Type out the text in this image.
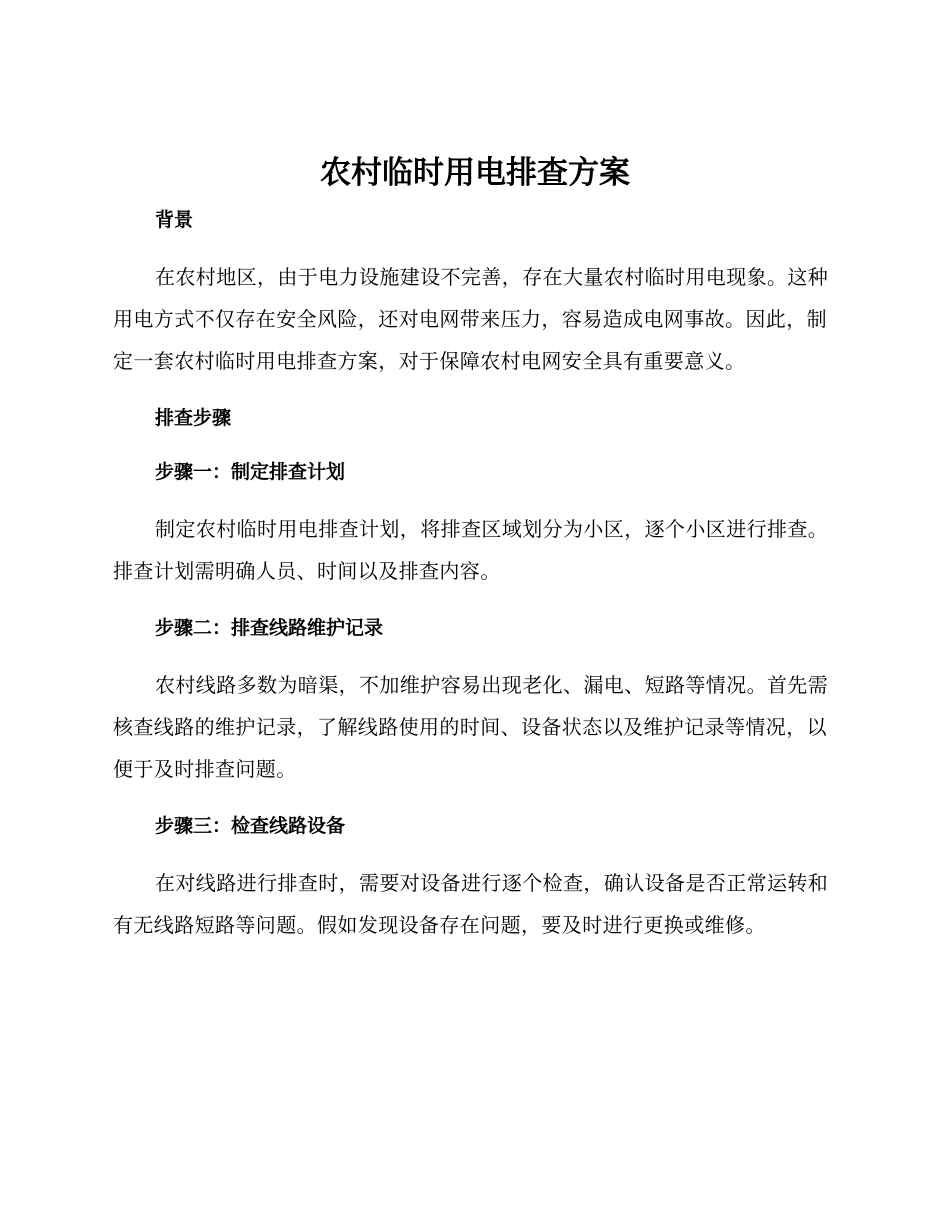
农村临时用电排查方案

背景

在农村地区，由于电力设施建设不完善，存在大量农村临时用电现象。这种用电方式不仅存在安全风险，还对电网带来压力，容易造成电网事故。因此，制定一套农村临时用电排查方案，对于保障农村电网安全具有重要意义。

排查步骤

步骤一：制定排查计划

制定农村临时用电排查计划，将排查区域划分为小区，逐个小区进行排查。排查计划需明确人员、时间以及排查内容。

步骤二：排查线路维护记录

农村线路多数为暗渠，不加维护容易出现老化、漏电、短路等情况。首先需核查线路的维护记录，了解线路使用的时间、设备状态以及维护记录等情况，以便于及时排查问题。

步骤三：检查线路设备

在对线路进行排查时，需要对设备进行逐个检查，确认设备是否正常运转和有无线路短路等问题。假如发现设备存在问题，要及时进行更换或维修。
